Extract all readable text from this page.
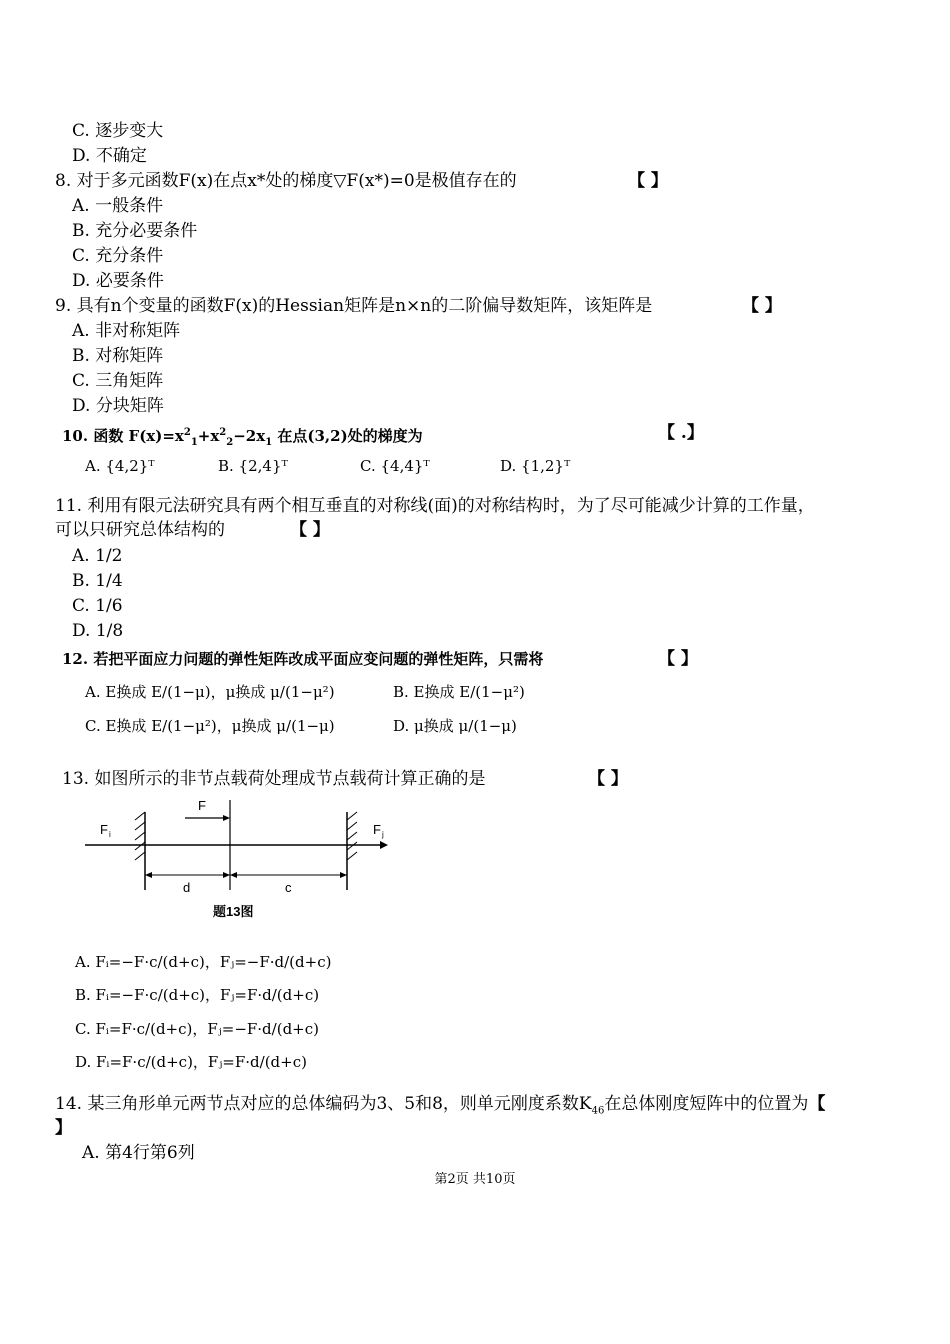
C. 逐步变大
D. 不确定
8. 对于多元函数F(x)在点x*处的梯度▽F(x*)=0是极值存在的	【 】
A. 一般条件
B. 充分必要条件
C. 充分条件
D. 必要条件
9. 具有n个变量的函数F(x)的Hessian矩阵是n×n的二阶偏导数矩阵，该矩阵是	【 】
A. 非对称矩阵
B. 对称矩阵
C. 三角矩阵
D. 分块矩阵
10. 函数 $F(x)=x^2_1+x^2_2-2x_1$ 在点(3,2)处的梯度为	【 .】
A. {4,2}ᵀ	B. {2,4}ᵀ	C. {4,4}ᵀ	D. {1,2}ᵀ
11. 利用有限元法研究具有两个相互垂直的对称线(面)的对称结构时，为了尽可能减少计算的工作量，
可以只研究总体结构的	【 】
A. 1/2
B. 1/4
C. 1/6
D. 1/8
12. 若把平面应力问题的弹性矩阵改成平面应变问题的弹性矩阵，只需将	【 】
A. E换成 E/(1−μ)，μ换成 μ/(1−μ²)	B. E换成 E/(1−μ²)
C. E换成 E/(1−μ²)，μ换成 μ/(1−μ)	D. μ换成 μ/(1−μ)
13. 如图所示的非节点载荷处理成节点载荷计算正确的是	【 】
F
F i	F j
d	c
题13图
A. Fᵢ=−F·c/(d+c)，Fⱼ=−F·d/(d+c)
B. Fᵢ=−F·c/(d+c)，Fⱼ=F·d/(d+c)
C. Fᵢ=F·c/(d+c)，Fⱼ=−F·d/(d+c)
D. Fᵢ=F·c/(d+c)，Fⱼ=F·d/(d+c)
14. 某三角形单元两节点对应的总体编码为3、5和8，则单元刚度系数$K_{46}$在总体刚度短阵中的位置为【
】
A. 第4行第6列
第2页 共10页
